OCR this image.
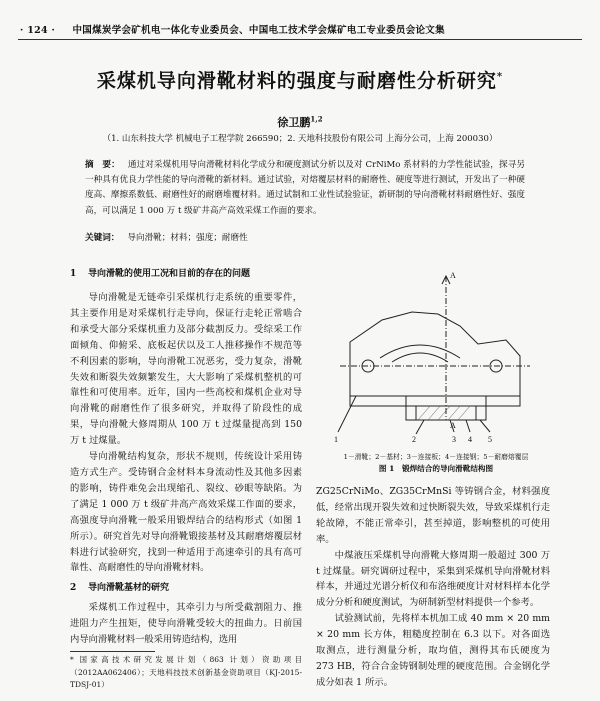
· 124 · 中国煤炭学会矿机电一体化专业委员会、中国电工技术学会煤矿电工专业委员会论文集
采煤机导向滑靴材料的强度与耐磨性分析研究*
徐卫鹏$^{1,2}$
（1. 山东科技大学 机械电子工程学院 266590；2. 天地科技股份有限公司 上海分公司，上海 200030）
摘　要： 通过对采煤机用导向滑靴材料化学成分和硬度测试分析以及对 CrNiMo 系材料的力学性能试验，探寻另一种具有优良力学性能的导向滑靴的新材料。通过试验，对熔覆层材料的耐磨性、硬度等进行测试，开发出了一种硬度高、摩擦系数低、耐磨性好的耐磨堆覆材料。通过试制和工业性试验验证，新研制的导向滑靴材料耐磨性好、强度高，可以满足 1 000 万 t 级矿井高产高效采煤工作面的要求。
关键词： 导向滑靴；材料；强度；耐磨性
1 导向滑靴的使用工况和目前的存在的问题

导向滑靴是无链牵引采煤机行走系统的重要零件，其主要作用是对采煤机行走导向，保证行走轮正常啮合和承受大部分采煤机重力及部分截割反力。受综采工作面倾角、仰俯采、底板起伏以及工人推移操作不规范等不利因素的影响，导向滑靴工况恶劣，受力复杂，滑靴失效和断裂失效频繁发生，大大影响了采煤机整机的可靠性和可使用率。近年，国内一些高校和煤机企业对导向滑靴的耐磨性作了很多研究，并取得了阶段性的成果，导向滑靴大修周期从 100 万 t 过煤量提高到 150 万 t 过煤量。

导向滑靴结构复杂，形状不规则，传统设计采用铸造方式生产。受铸钢合金材料本身流动性及其他多因素的影响，铸件难免会出现缩孔、裂纹、砂眼等缺陷。为了满足 1 000 万 t 级矿井高产高效采煤工作面的要求，高强度导向滑靴一般采用锻焊结合的结构形式（如图 1 所示）。研究首先对导向滑靴锻接基材及其耐磨熔覆层材料进行试验研究，找到一种适用于高速牵引的具有高可靠性、高耐磨性的导向滑靴材料。

2 导向滑靴基材的研究

采煤机工作过程中，其牵引力与所受截割阻力、推进阻力产生扭矩，使导向滑靴受较大的扭曲力。日前国内导向滑靴材料一般采用铸造结构，选用

* 国家高技术研究发展计划（863 计划）资助项目（2012AA062406）；天地科技技术创新基金资助项目（KJ-2015-TDSJ-01）
A
A
1	2	3 4 5
1－滑靴；2－基材；3－连接板；4－连接钢；5－耐磨熔覆层
图 1　锻焊结合的导向滑靴结构图

ZG25CrNiMo、ZG35CrMnSi 等铸钢合金，材料强度低，经常出现开裂失效和过快断裂失效，导致采煤机行走轮故障，不能正常牵引，甚至掉道，影响整机的可使用率。

中煤液压采煤机导向滑靴大修周期一般超过 300 万 t 过煤量。研究调研过程中，采集到采煤机导向滑靴材料样本，并通过光谱分析仪和布洛维硬度计对材料样本化学成分分析和硬度测试，为研制新型材料提供一个参考。

试验测试前，先将样本机加工成 40 mm × 20 mm × 20 mm 长方体，粗糙度控制在 6.3 以下。对各面选取测点，进行测量分析，取均值，测得其布氏硬度为 273 HB，符合合金铸钢制处理的硬度范围。合金钢化学成分如表 1 所示。
